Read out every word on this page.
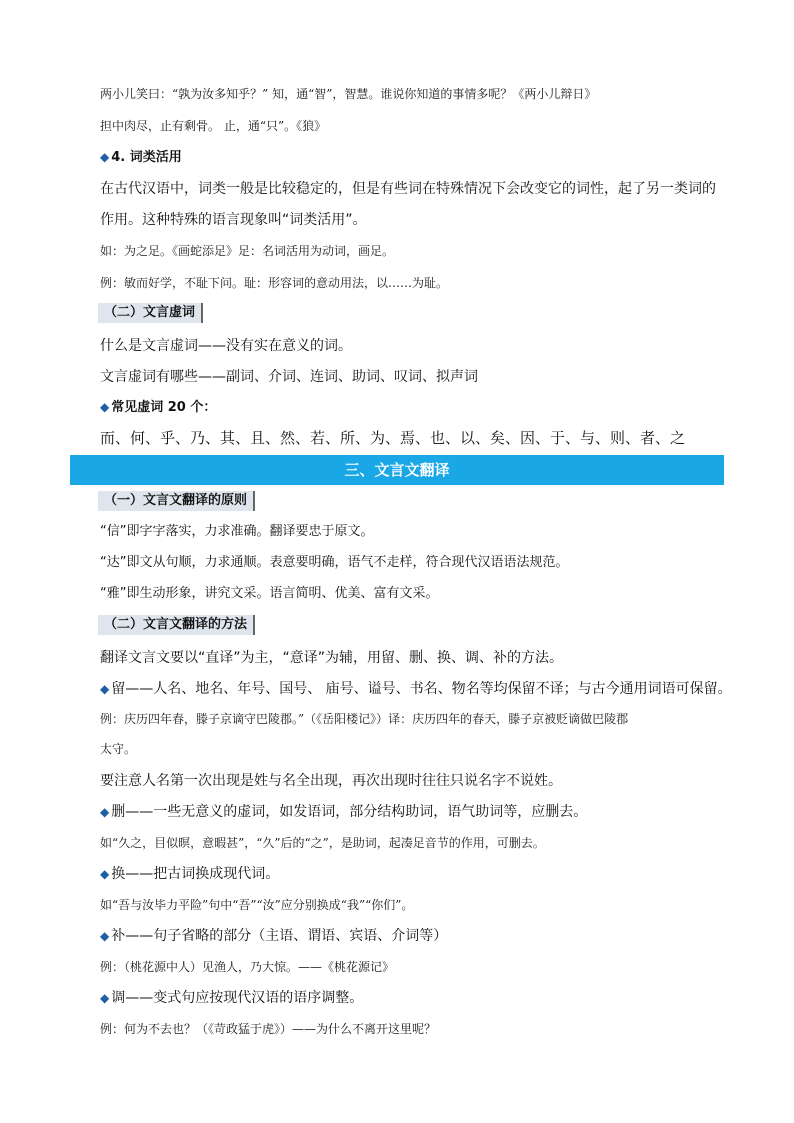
两小儿笑曰：“孰为汝多知乎？” 知，通“智”，智慧。谁说你知道的事情多呢？《两小儿辩日》
担中肉尽，止有剩骨。 止，通“只”。《狼》
◆ 4. 词类活用
在古代汉语中，词类一般是比较稳定的，但是有些词在特殊情况下会改变它的词性，起了另一类词的
作用。这种特殊的语言现象叫“词类活用”。
如：为之足。《画蛇添足》足：名词活用为动词，画足。
例：敏而好学，不耻下问。耻：形容词的意动用法，以……为耻。
（二）文言虚词
什么是文言虚词——没有实在意义的词。
文言虚词有哪些——副词、介词、连词、助词、叹词、拟声词
◆ 常见虚词 20 个：
而、何、乎、乃、其、且、然、若、所、为、焉、也、以、矣、因、于、与、则、者、之
三、文言文翻译
（一）文言文翻译的原则
“信”即字字落实，力求准确。翻译要忠于原文。
“达”即文从句顺，力求通顺。表意要明确，语气不走样，符合现代汉语语法规范。
“雅”即生动形象，讲究文采。语言简明、优美、富有文采。
（二）文言文翻译的方法
翻译文言文要以“直译”为主，“意译”为辅，用留、删、换、调、补的方法。
◆ 留——人名、地名、年号、国号、 庙号、谥号、书名、物名等均保留不译；与古今通用词语可保留。
例：庆历四年春，滕子京谪守巴陵郡。”（《岳阳楼记》）译：庆历四年的春天，滕子京被贬谪做巴陵郡
太守。
要注意人名第一次出现是姓与名全出现，再次出现时往往只说名字不说姓。
◆ 删——一些无意义的虚词，如发语词，部分结构助词，语气助词等，应删去。
如“久之，目似暝，意暇甚”，“久”后的“之”，是助词，起凑足音节的作用，可删去。
◆ 换——把古词换成现代词。
如“吾与汝毕力平险”句中“吾”“汝”应分别换成“我”“你们”。
◆ 补——句子省略的部分（主语、谓语、宾语、介词等）
例：（桃花源中人）见渔人，乃大惊。——《桃花源记》
◆ 调——变式句应按现代汉语的语序调整。
例：何为不去也？（《苛政猛于虎》）——为什么不离开这里呢？
